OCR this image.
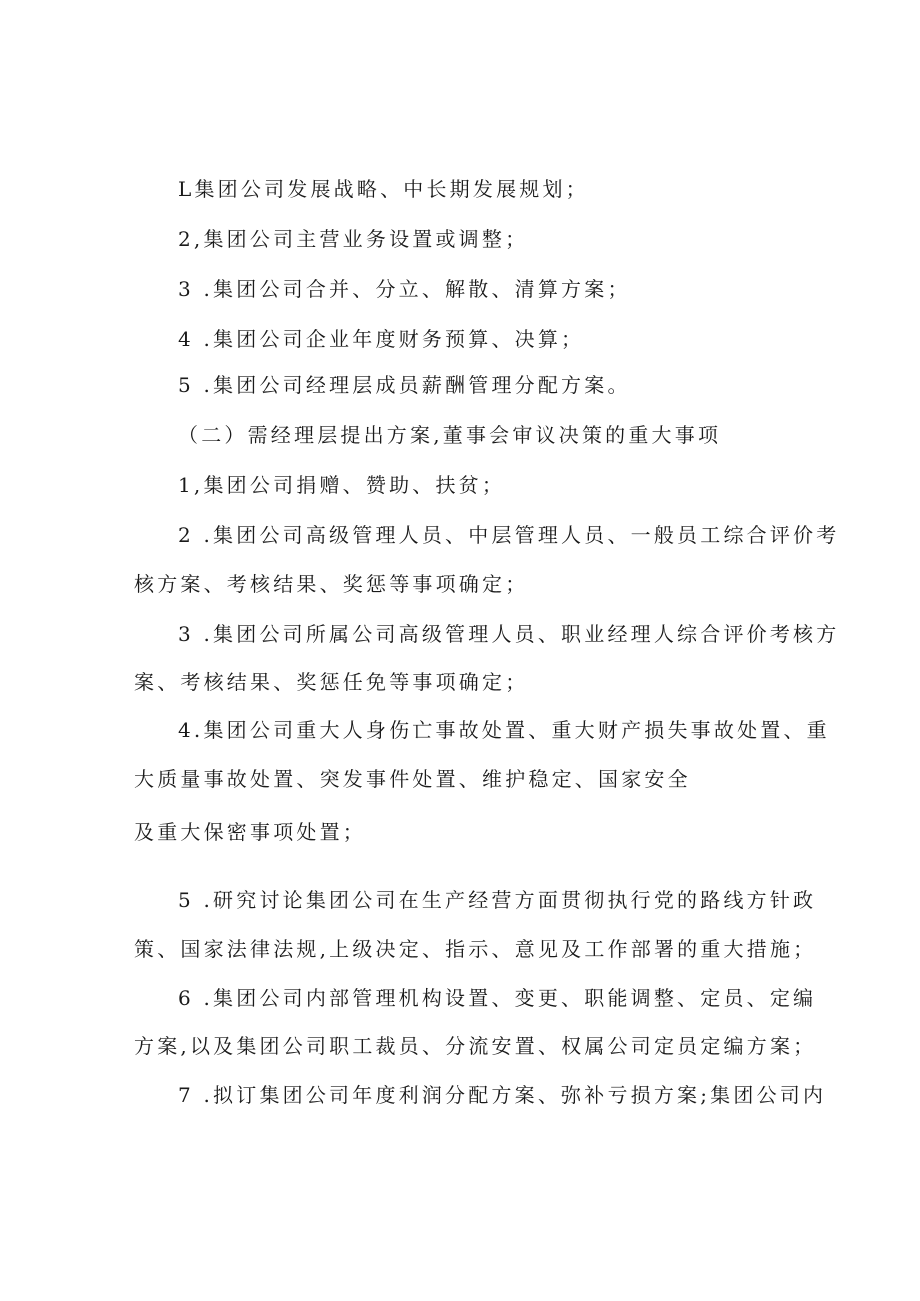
L集团公司发展战略、中长期发展规划；
2,集团公司主营业务设置或调整；
3 .集团公司合并、分立、解散、清算方案；
4 .集团公司企业年度财务预算、决算；
5 .集团公司经理层成员薪酬管理分配方案。
（二）需经理层提出方案,董事会审议决策的重大事项
1,集团公司捐赠、赞助、扶贫；
2 .集团公司高级管理人员、中层管理人员、一般员工综合评价考
核方案、考核结果、奖惩等事项确定；
3 .集团公司所属公司高级管理人员、职业经理人综合评价考核方
案、考核结果、奖惩任免等事项确定；
4.集团公司重大人身伤亡事故处置、重大财产损失事故处置、重
大质量事故处置、突发事件处置、维护稳定、国家安全
及重大保密事项处置；
5 .研究讨论集团公司在生产经营方面贯彻执行党的路线方针政
策、国家法律法规,上级决定、指示、意见及工作部署的重大措施；
6 .集团公司内部管理机构设置、变更、职能调整、定员、定编
方案,以及集团公司职工裁员、分流安置、权属公司定员定编方案；
7 .拟订集团公司年度利润分配方案、弥补亏损方案;集团公司内
